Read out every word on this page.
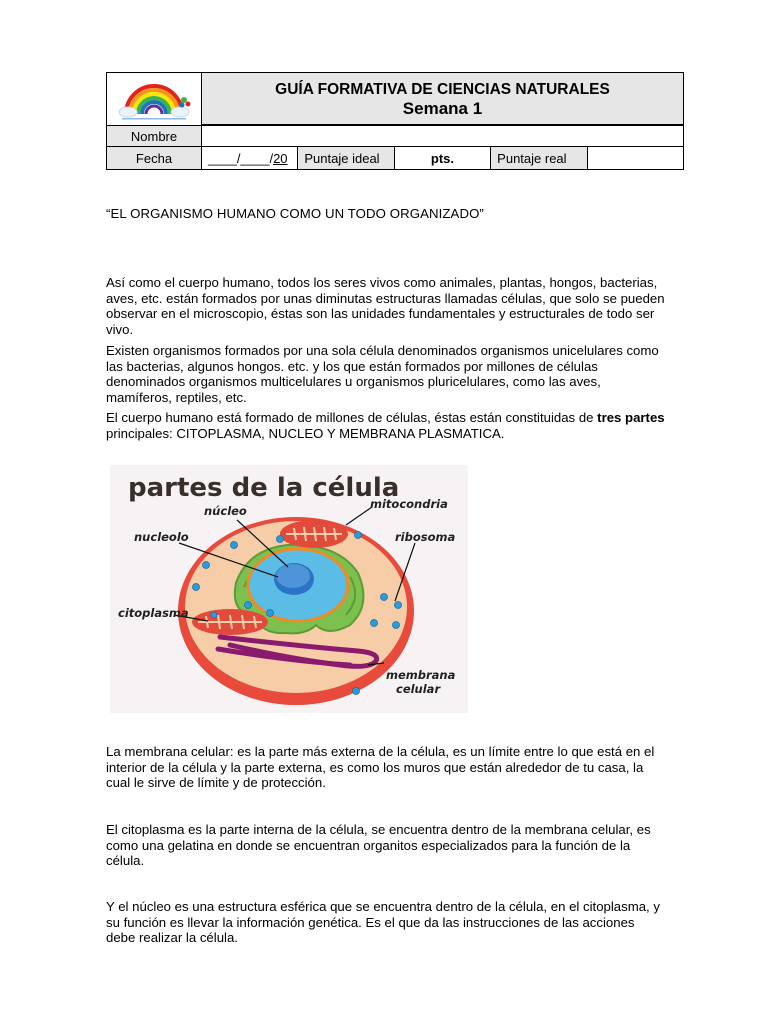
GUÍA FORMATIVA DE CIENCIAS NATURALES
Semana 1				

Nombre					
Fecha	____/____/20	Puntaje ideal	pts.	Puntaje real	
“EL ORGANISMO HUMANO COMO UN TODO ORGANIZADO”

Así como el cuerpo humano, todos los seres vivos como animales, plantas, hongos, bacterias, aves, etc. están formados por unas diminutas estructuras llamadas células, que solo se pueden observar en el microscopio, éstas son las unidades fundamentales y estructurales de todo ser vivo.

Existen organismos formados por una sola célula denominados organismos unicelulares como las bacterias, algunos hongos. etc. y los que están formados por millones de células denominados organismos multicelulares u organismos pluricelulares, como las aves, mamíferos, reptiles, etc.

El cuerpo humano está formado de millones de células, éstas están constituidas de tres partes principales: CITOPLASMA, NUCLEO Y MEMBRANA PLASMATICA.

partes de la célula
núcleo	mitocondria
nucleolo	ribosoma
citoplasma
membrana
celular

La membrana celular: es la parte más externa de la célula, es un límite entre lo que está en el interior de la célula y la parte externa, es como los muros que están alrededor de tu casa, la cual le sirve de límite y de protección.

El citoplasma es la parte interna de la célula, se encuentra dentro de la membrana celular, es como una gelatina en donde se encuentran organitos especializados para la función de la célula.

Y el núcleo es una estructura esférica que se encuentra dentro de la célula, en el citoplasma, y su función es llevar la información genética. Es el que da las instrucciones de las acciones debe realizar la célula.
